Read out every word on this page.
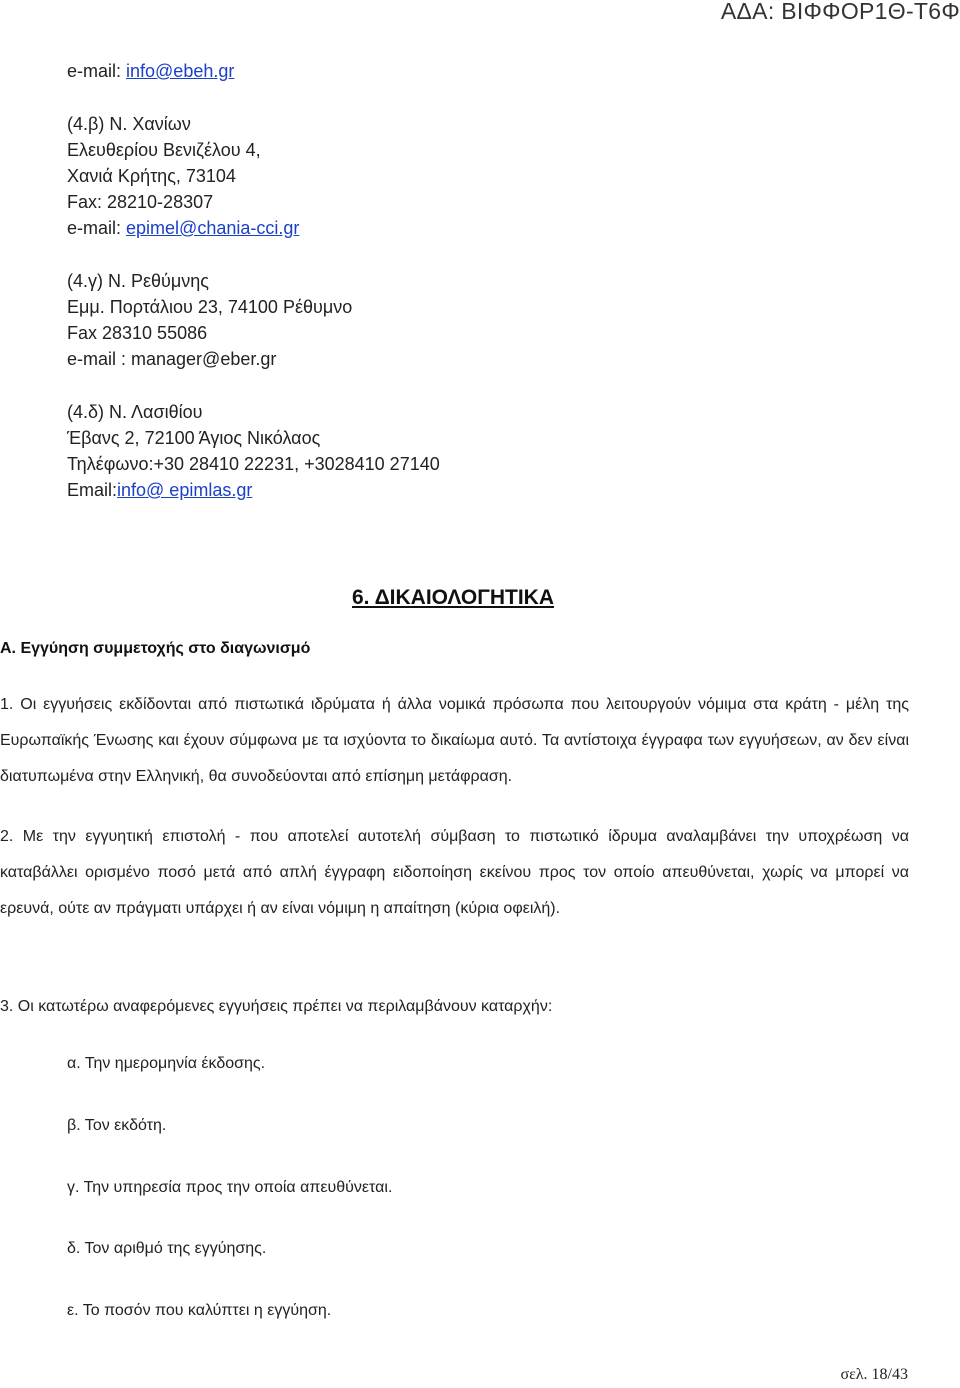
ΑΔΑ: ΒΙΦΦΟΡ1Θ-Τ6Φ
e-mail: info@ebeh.gr
(4.β) Ν. Χανίων
Ελευθερίου Βενιζέλου 4,
Χανιά Κρήτης, 73104
Fax: 28210-28307
e-mail: epimel@chania-cci.gr
(4.γ) Ν. Ρεθύμνης
Εμμ. Πορτάλιου 23, 74100 Ρέθυμνο
Fax 28310 55086
e-mail : manager@eber.gr
(4.δ) Ν. Λασιθίου
Έβανς 2, 72100 Άγιος Νικόλαος
Τηλέφωνο:+30 28410 22231, +3028410 27140
Email:info@ epimlas.gr
6. ΔΙΚΑΙΟΛΟΓΗΤΙΚΑ
Α. Εγγύηση συμμετοχής στο διαγωνισμό
1. Οι εγγυήσεις εκδίδονται από πιστωτικά ιδρύματα ή άλλα νομικά πρόσωπα που λειτουργούν νόμιμα στα κράτη - μέλη της Ευρωπαϊκής Ένωσης και έχουν σύμφωνα με τα ισχύοντα το δικαίωμα αυτό. Τα αντίστοιχα έγγραφα των εγγυήσεων, αν δεν είναι διατυπωμένα στην Ελληνική, θα συνοδεύονται από επίσημη μετάφραση.
2. Με την εγγυητική επιστολή - που αποτελεί αυτοτελή σύμβαση το πιστωτικό ίδρυμα αναλαμβάνει την υποχρέωση να καταβάλλει ορισμένο ποσό μετά από απλή έγγραφη ειδοποίηση εκείνου προς τον οποίο απευθύνεται, χωρίς να μπορεί να ερευνά, ούτε αν πράγματι υπάρχει ή αν είναι νόμιμη η απαίτηση (κύρια οφειλή).
3. Οι κατωτέρω αναφερόμενες εγγυήσεις πρέπει να περιλαμβάνουν καταρχήν:
α. Την ημερομηνία έκδοσης.
β. Τον εκδότη.
γ. Την υπηρεσία προς την οποία απευθύνεται.
δ. Τον αριθμό της εγγύησης.
ε. Το ποσόν που καλύπτει η εγγύηση.
σελ. 18/43
